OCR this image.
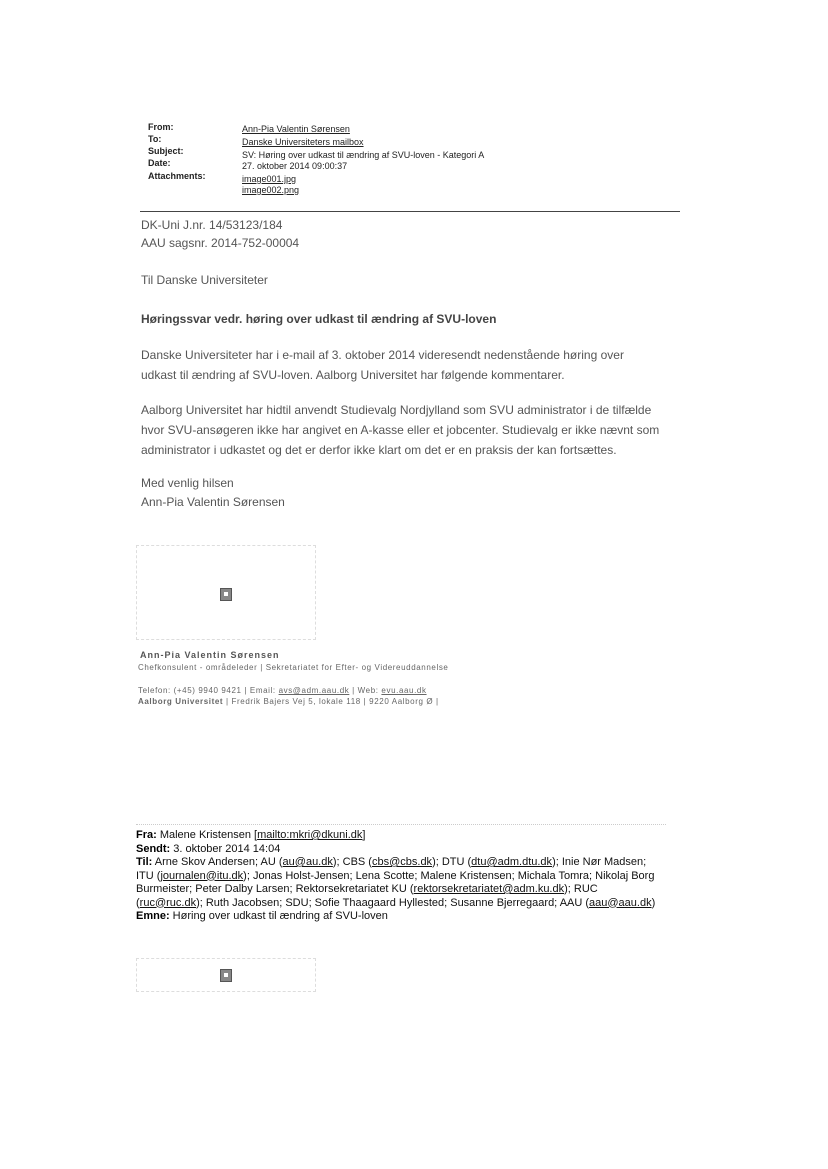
From:	Ann-Pia Valentin Sørensen
To:	Danske Universiteters mailbox
Subject:	SV: Høring over udkast til ændring af SVU-loven - Kategori A
Date:	27. oktober 2014 09:00:37
Attachments:	image001.jpg
image002.png
DK-Uni J.nr. 14/53123/184
AAU sagsnr. 2014-752-00004
Til Danske Universiteter
Høringssvar vedr. høring over udkast til ændring af SVU-loven
Danske Universiteter har i e-mail af 3. oktober 2014 videresendt nedenstående høring over
udkast til ændring af SVU-loven. Aalborg Universitet har følgende kommentarer.
Aalborg Universitet har hidtil anvendt Studievalg Nordjylland som SVU administrator i de tilfælde
hvor SVU-ansøgeren ikke har angivet en A-kasse eller et jobcenter. Studievalg er ikke nævnt som
administrator i udkastet og det er derfor ikke klart om det er en praksis der kan fortsættes.
Med venlig hilsen
Ann-Pia Valentin Sørensen
Ann-Pia Valentin Sørensen
Chefkonsulent - områdeleder | Sekretariatet for Efter- og Videreuddannelse
Telefon: (+45) 9940 9421 | Email: avs@adm.aau.dk | Web: evu.aau.dk
Aalborg Universitet | Fredrik Bajers Vej 5, lokale 118 | 9220 Aalborg Ø |
Fra: Malene Kristensen [mailto:mkri@dkuni.dk]
Sendt: 3. oktober 2014 14:04
Til: Arne Skov Andersen; AU (au@au.dk); CBS (cbs@cbs.dk); DTU (dtu@adm.dtu.dk); Inie Nør Madsen; ITU (journalen@itu.dk); Jonas Holst-Jensen; Lena Scotte; Malene Kristensen; Michala Tomra; Nikolaj Borg Burmeister; Peter Dalby Larsen; Rektorsekretariatet KU (rektorsekretariatet@adm.ku.dk); RUC (ruc@ruc.dk); Ruth Jacobsen; SDU; Sofie Thaagaard Hyllested; Susanne Bjerregaard; AAU (aau@aau.dk)
Emne: Høring over udkast til ændring af SVU-loven
